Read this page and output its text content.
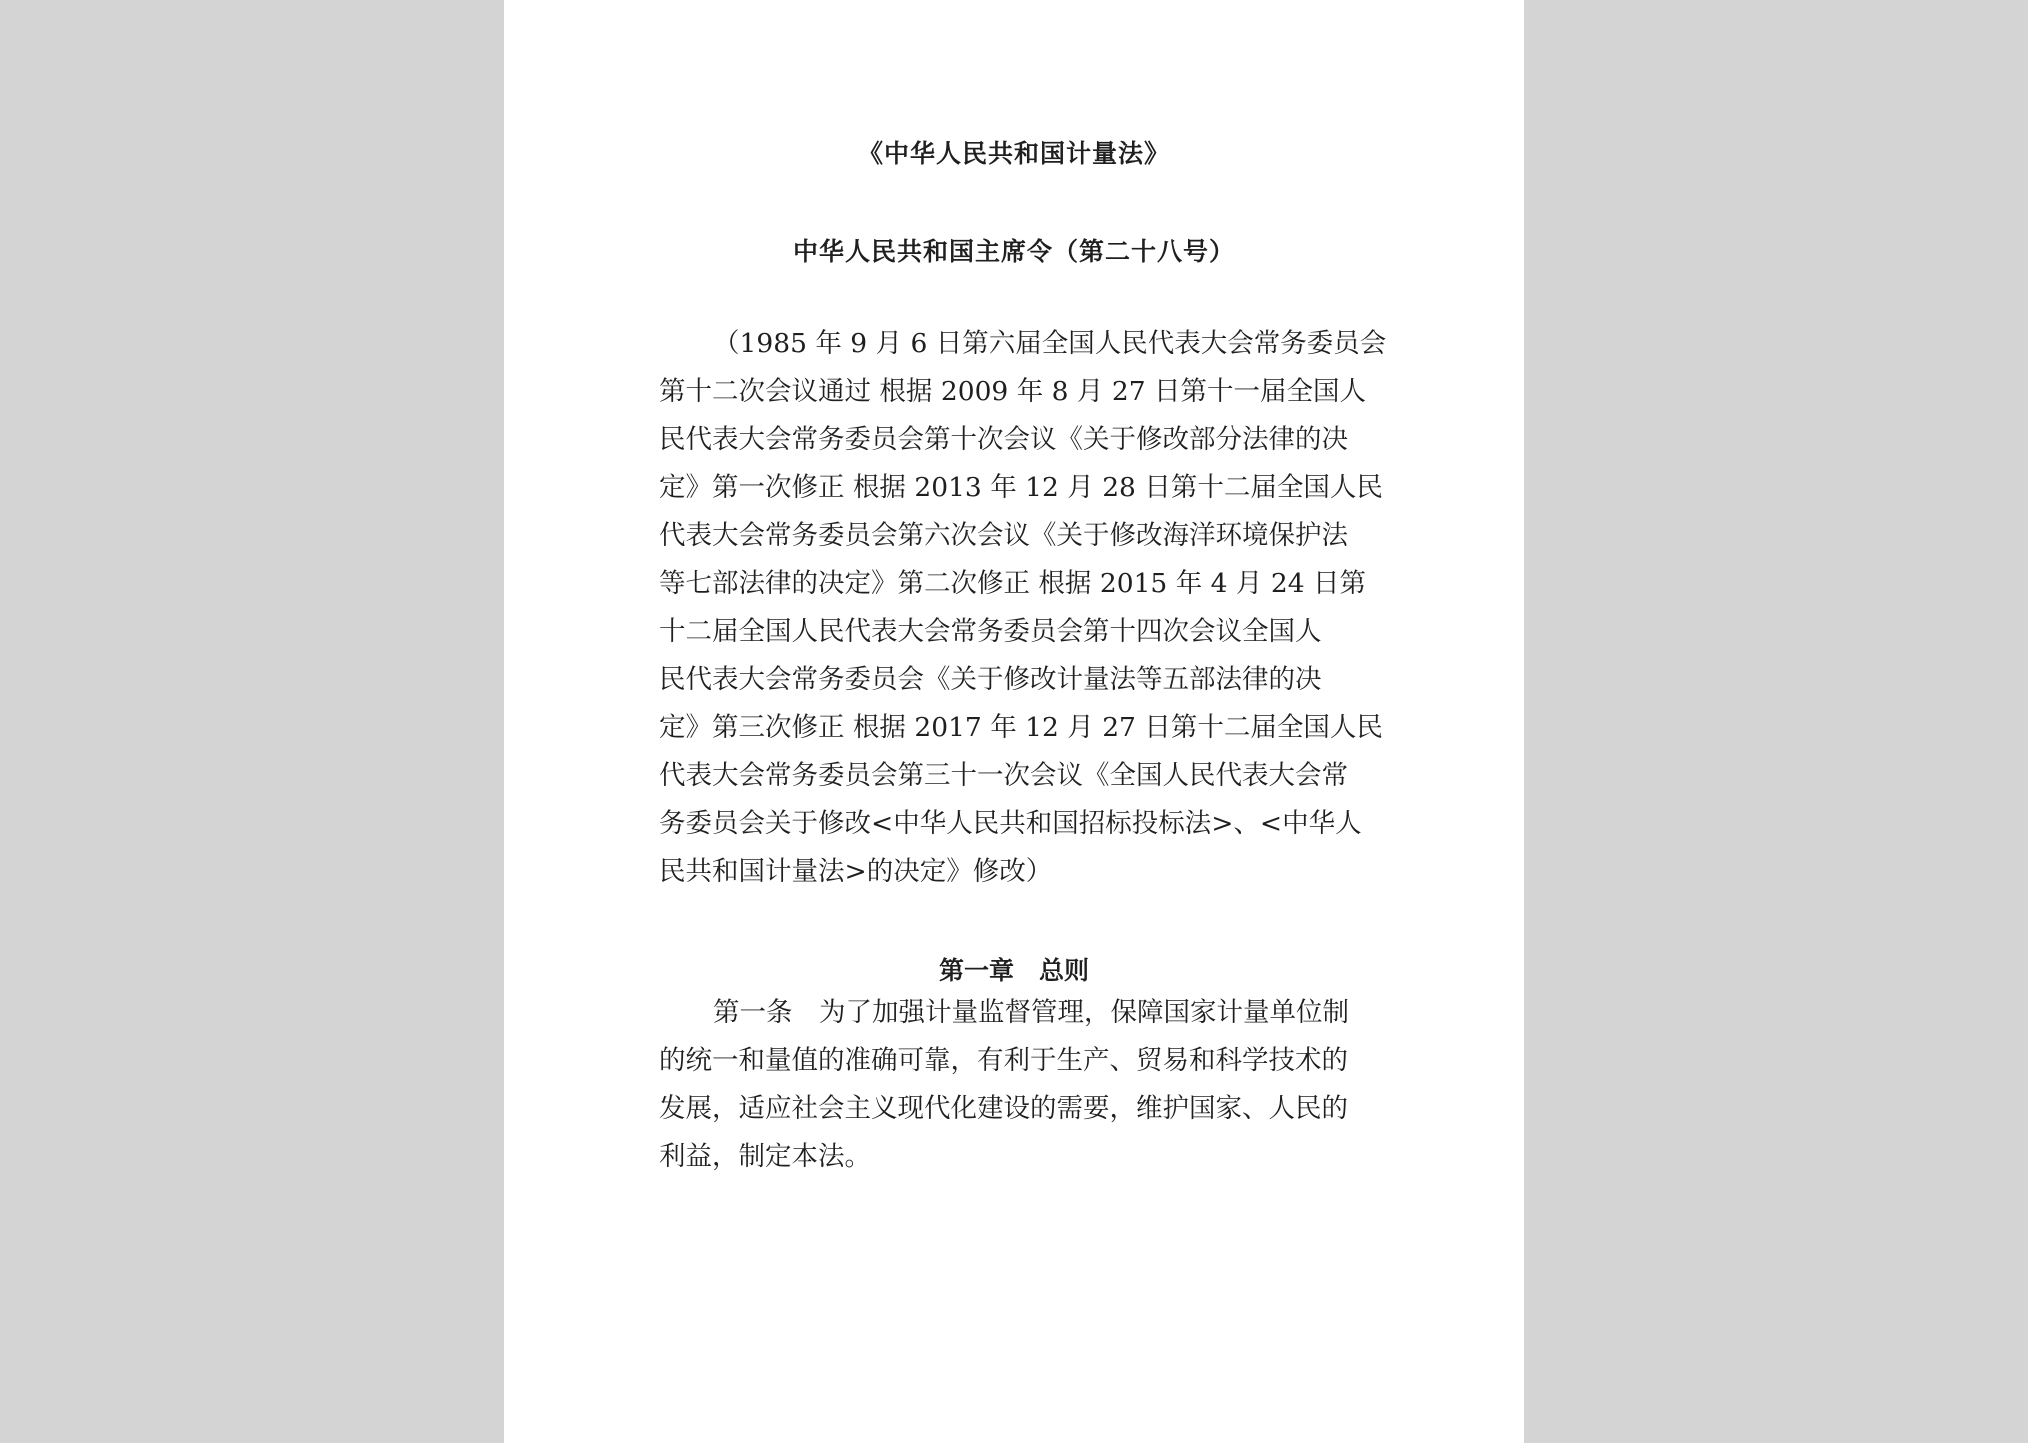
《中华人民共和国计量法》
中华人民共和国主席令（第二十八号）
（1985 年 9 月 6 日第六届全国人民代表大会常务委员会
第十二次会议通过 根据 2009 年 8 月 27 日第十一届全国人
民代表大会常务委员会第十次会议《关于修改部分法律的决
定》第一次修正 根据 2013 年 12 月 28 日第十二届全国人民
代表大会常务委员会第六次会议《关于修改海洋环境保护法
等七部法律的决定》第二次修正 根据 2015 年 4 月 24 日第
十二届全国人民代表大会常务委员会第十四次会议全国人
民代表大会常务委员会《关于修改计量法等五部法律的决
定》第三次修正 根据 2017 年 12 月 27 日第十二届全国人民
代表大会常务委员会第三十一次会议《全国人民代表大会常
务委员会关于修改<中华人民共和国招标投标法>、<中华人
民共和国计量法>的决定》修改）
第一章　总则
第一条　为了加强计量监督管理，保障国家计量单位制
的统一和量值的准确可靠，有利于生产、贸易和科学技术的
发展，适应社会主义现代化建设的需要，维护国家、人民的
利益，制定本法。
